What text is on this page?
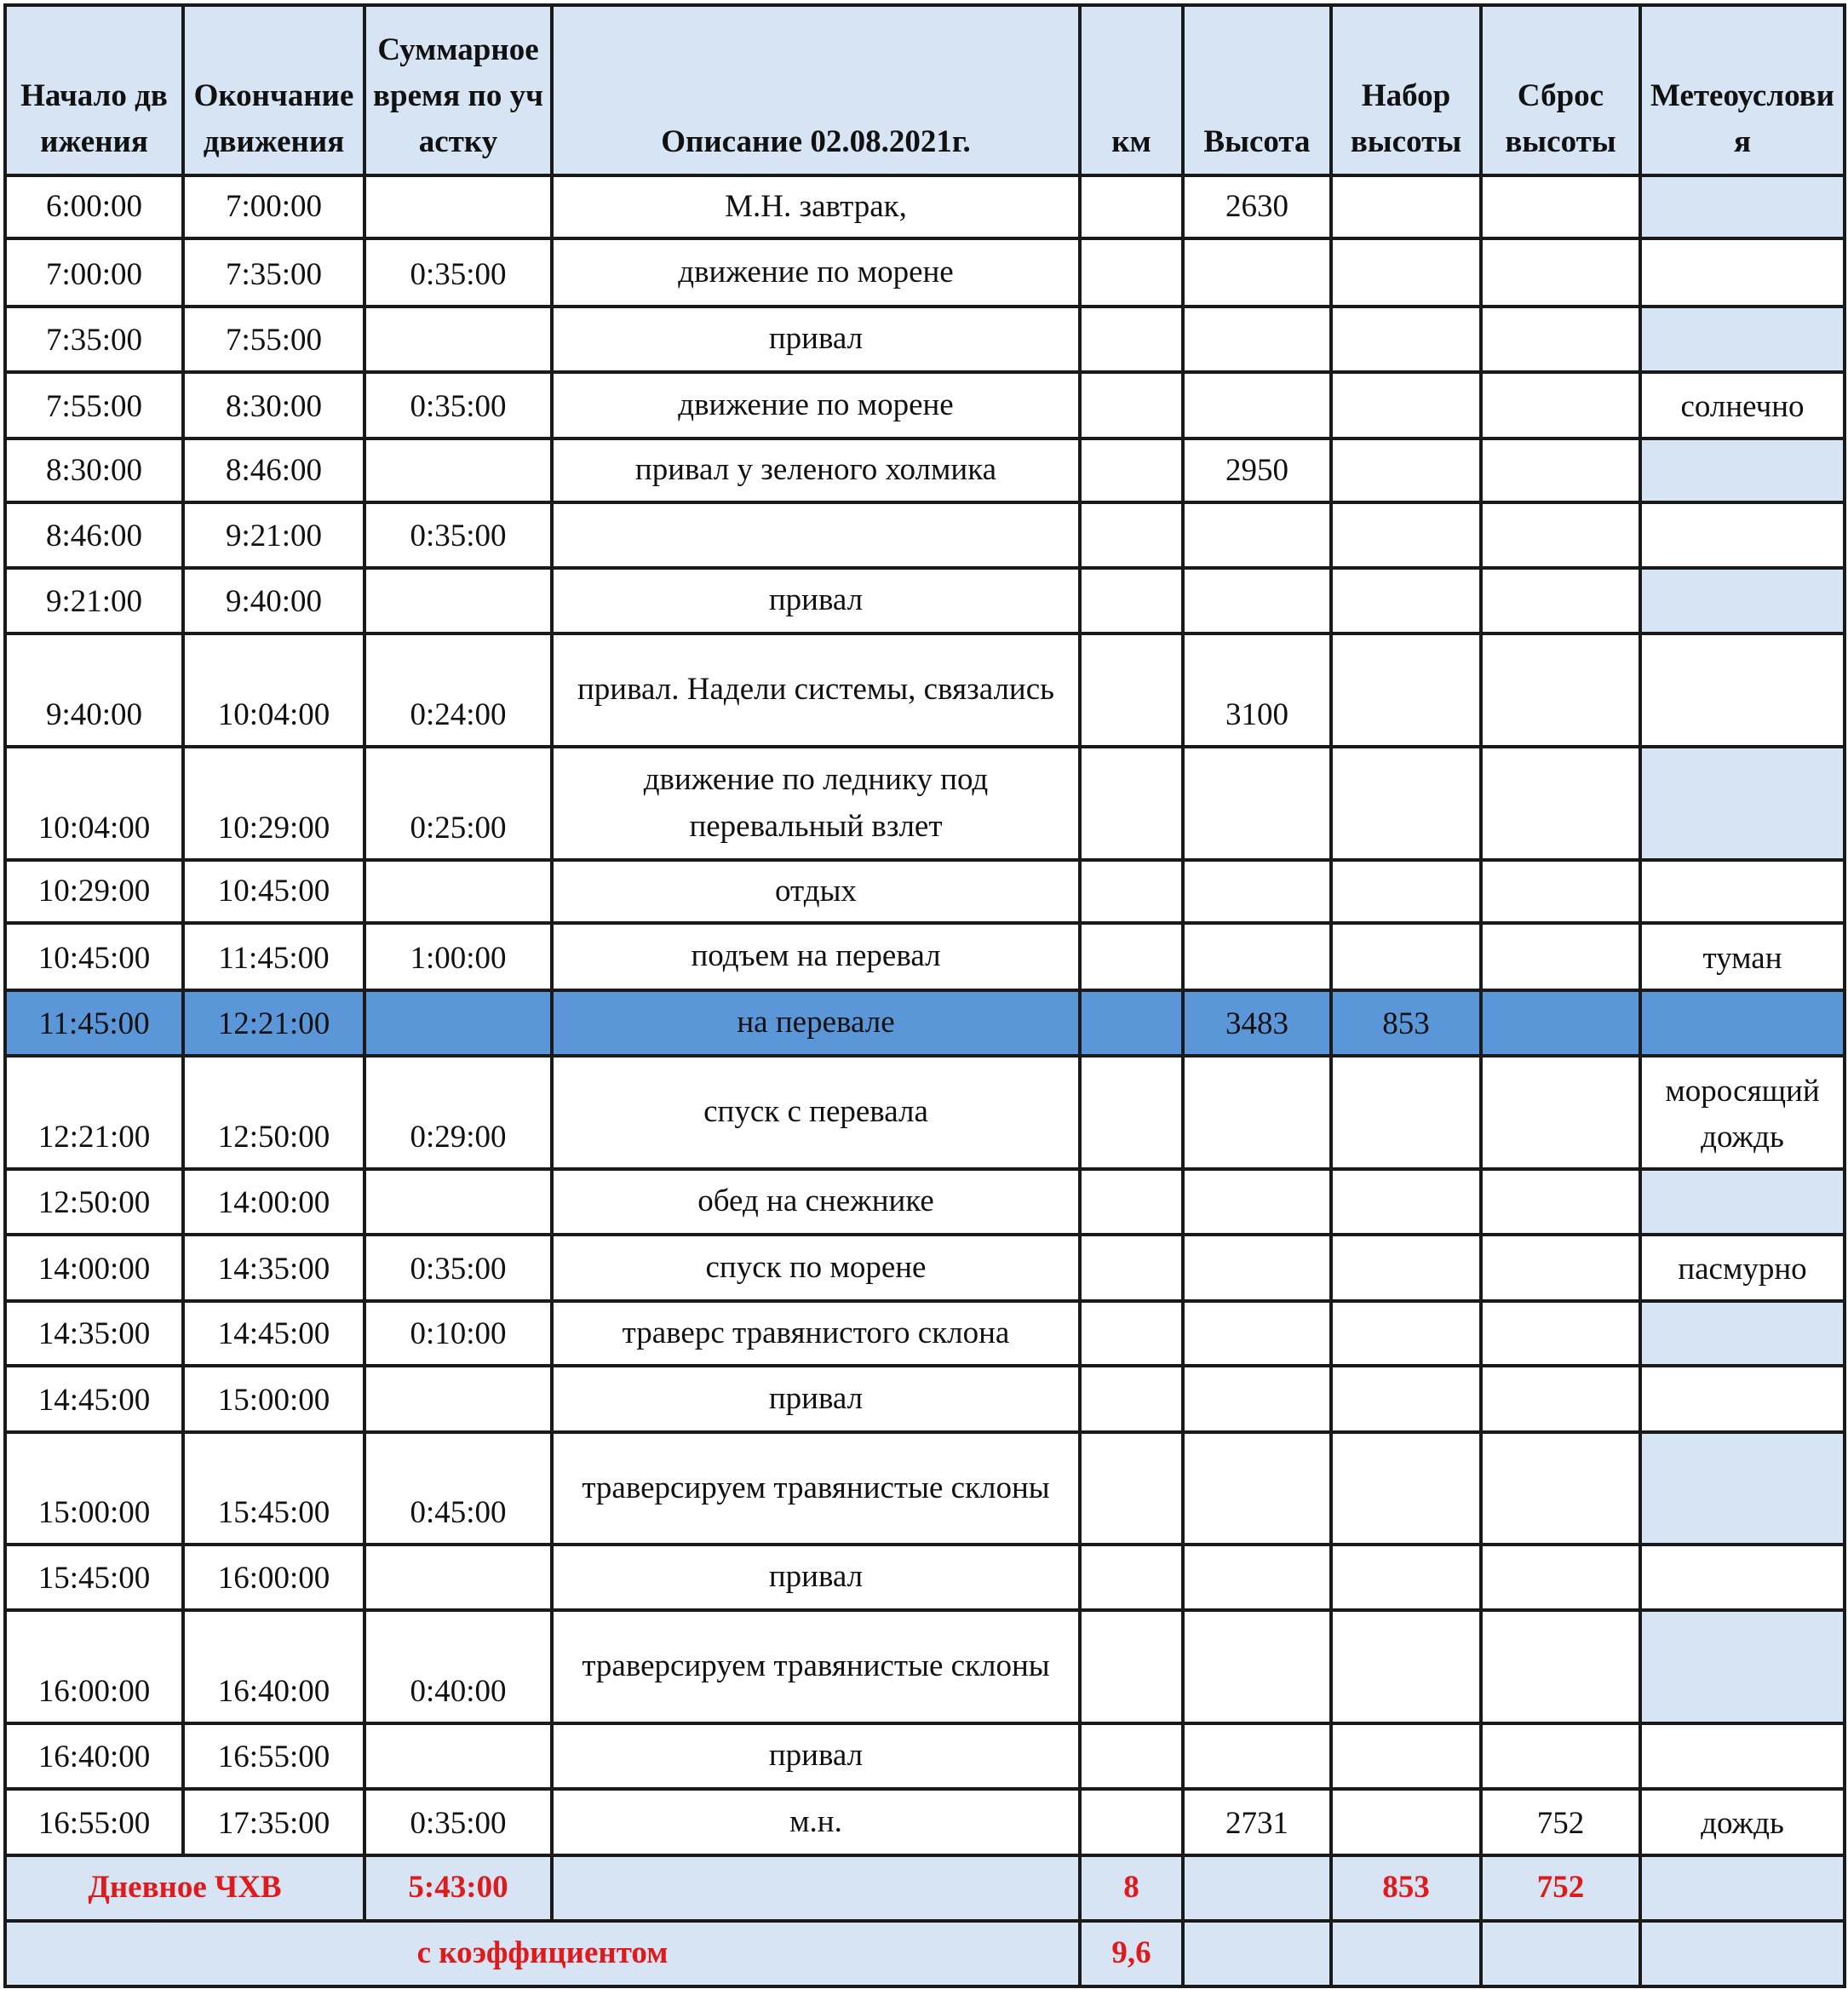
Начало движения	Окончание движения	Суммарное время по участку	Описание 02.08.2021г.	км	Высота	Набор высоты	Сброс высоты	Метеоусловия
6:00:00	7:00:00		М.Н. завтрак,		2630			
7:00:00	7:35:00	0:35:00	движение по морене					
7:35:00	7:55:00		привал					
7:55:00	8:30:00	0:35:00	движение по морене					солнечно
8:30:00	8:46:00		привал у зеленого холмика		2950			
8:46:00	9:21:00	0:35:00						
9:21:00	9:40:00		привал					
9:40:00	10:04:00	0:24:00	привал. Надели системы, связались		3100			
10:04:00	10:29:00	0:25:00	движение по леднику под перевальный взлет					
10:29:00	10:45:00		отдых					
10:45:00	11:45:00	1:00:00	подъем на перевал					туман
11:45:00	12:21:00		на перевале		3483	853		
12:21:00	12:50:00	0:29:00	спуск с перевала					моросящий дождь
12:50:00	14:00:00		обед на снежнике					
14:00:00	14:35:00	0:35:00	спуск по морене					пасмурно
14:35:00	14:45:00	0:10:00	траверс травянистого склона					
14:45:00	15:00:00		привал					
15:00:00	15:45:00	0:45:00	траверсируем травянистые склоны					
15:45:00	16:00:00		привал					
16:00:00	16:40:00	0:40:00	траверсируем травянистые склоны					
16:40:00	16:55:00		привал					
16:55:00	17:35:00	0:35:00	м.н.		2731		752	дождь
Дневное ЧХВ		5:43:00		8		853	752	
с коэффициентом				9,6				
